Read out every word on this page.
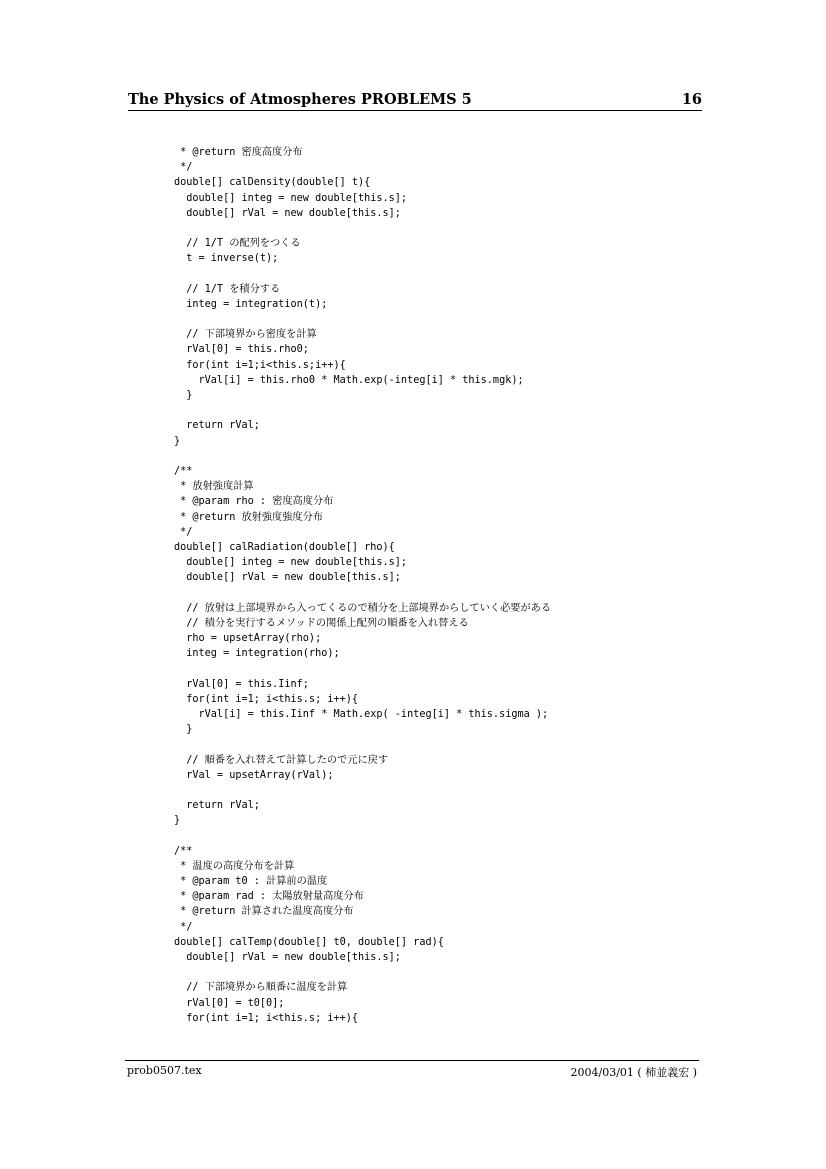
The Physics of Atmospheres PROBLEMS 5	16
* @return 密度高度分布
*/
double[] calDensity(double[] t){
double[] integ = new double[this.s];
double[] rVal = new double[this.s];
// 1/T の配列をつくる
t = inverse(t);
// 1/T を積分する
integ = integration(t);
// 下部境界から密度を計算
rVal[0] = this.rho0;
for(int i=1;i<this.s;i++){
rVal[i] = this.rho0 * Math.exp(-integ[i] * this.mgk);
}
return rVal;
}
/**
* 放射強度計算
* @param rho : 密度高度分布
* @return 放射強度強度分布
*/
double[] calRadiation(double[] rho){
double[] integ = new double[this.s];
double[] rVal = new double[this.s];
// 放射は上部境界から入ってくるので積分を上部境界からしていく必要がある
// 積分を実行するメソッドの関係上配列の順番を入れ替える
rho = upsetArray(rho);
integ = integration(rho);
rVal[0] = this.Iinf;
for(int i=1; i<this.s; i++){
rVal[i] = this.Iinf * Math.exp( -integ[i] * this.sigma );
}
// 順番を入れ替えて計算したので元に戻す
rVal = upsetArray(rVal);
return rVal;
}
/**
* 温度の高度分布を計算
* @param t0 : 計算前の温度
* @param rad : 太陽放射量高度分布
* @return 計算された温度高度分布
*/
double[] calTemp(double[] t0, double[] rad){
double[] rVal = new double[this.s];
// 下部境界から順番に温度を計算
rVal[0] = t0[0];
for(int i=1; i<this.s; i++){
prob0507.tex	2004/03/01 ( 柿並義宏 )
